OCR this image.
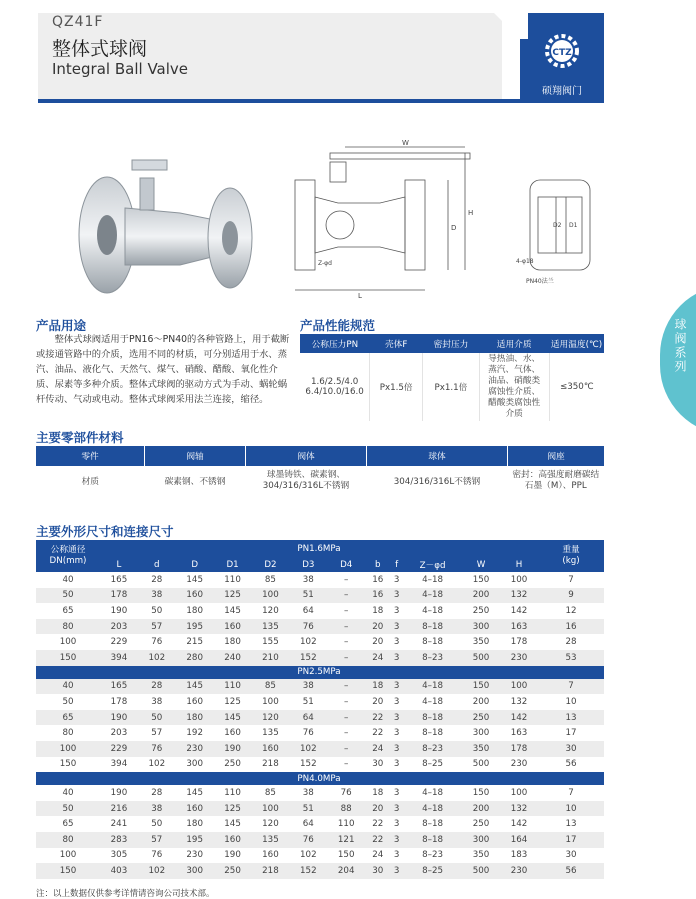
CTZ
硕翔阀门
QZ41F
整体式球阀
Integral Ball Valve
球阀系列
W
L
D
H
Z-φd
D2 D1
4-φ18
PN40法兰
产品用途
整体式球阀适用于PN16～PN40的各种管路上，用于截断或接通管路中的介质，选用不同的材质，可分别适用于水、蒸汽、油品、液化气、天然气、煤气、硝酸、醋酸、氧化性介质、尿素等多种介质。整体式球阀的驱动方式为手动、蜗轮蜗杆传动、气动或电动。整体式球阀采用法兰连接，缩径。
产品性能规范
公称压力PN	壳体F	密封压力	适用介质	适用温度(℃)
1.6/2.5/4.0
6.4/10.0/16.0	Px1.5倍	Px1.1倍	导热油、水、蒸汽、气体、油品、硝酸类腐蚀性介质、醋酸类腐蚀性介质	≤350℃
主要零部件材料
零件	阀轴	阀体	球体	阀座
材质	碳素钢、不锈钢	球墨铸铁、碳素钢、304/316/316L不锈钢	304/316/316L不锈钢	密封：高强度耐磨碳结石墨（M）、PPL
主要外形尺寸和连接尺寸
公称通径
DN(mm)	PN1.6MPa												重量
(kg)
	L	d	D	D1	D2	D3	D4	b	f	Z－φd	W	H	
40	165	28	145	110	85	38	–	16	3	4–18	150	100	7
50	178	38	160	125	100	51	–	16	3	4–18	200	132	9
65	190	50	180	145	120	64	–	18	3	4–18	250	142	12
80	203	57	195	160	135	76	–	20	3	8–18	300	163	16
100	229	76	215	180	155	102	–	20	3	8–18	350	178	28
150	394	102	280	240	210	152	–	24	3	8–23	500	230	53
	PN2.5MPa												
40	165	28	145	110	85	38	–	18	3	4–18	150	100	7
50	178	38	160	125	100	51	–	20	3	4–18	200	132	10
65	190	50	180	145	120	64	–	22	3	8–18	250	142	13
80	203	57	192	160	135	76	–	22	3	8–18	300	163	17
100	229	76	230	190	160	102	–	24	3	8–23	350	178	30
150	394	102	300	250	218	152	–	30	3	8–25	500	230	56
	PN4.0MPa												
40	190	28	145	110	85	38	76	18	3	4–18	150	100	7
50	216	38	160	125	100	51	88	20	3	4–18	200	132	10
65	241	50	180	145	120	64	110	22	3	8–18	250	142	13
80	283	57	195	160	135	76	121	22	3	8–18	300	164	17
100	305	76	230	190	160	102	150	24	3	8–23	350	183	30
150	403	102	300	250	218	152	204	30	3	8–25	500	230	56
注：以上数据仅供参考详情请咨询公司技术部。
